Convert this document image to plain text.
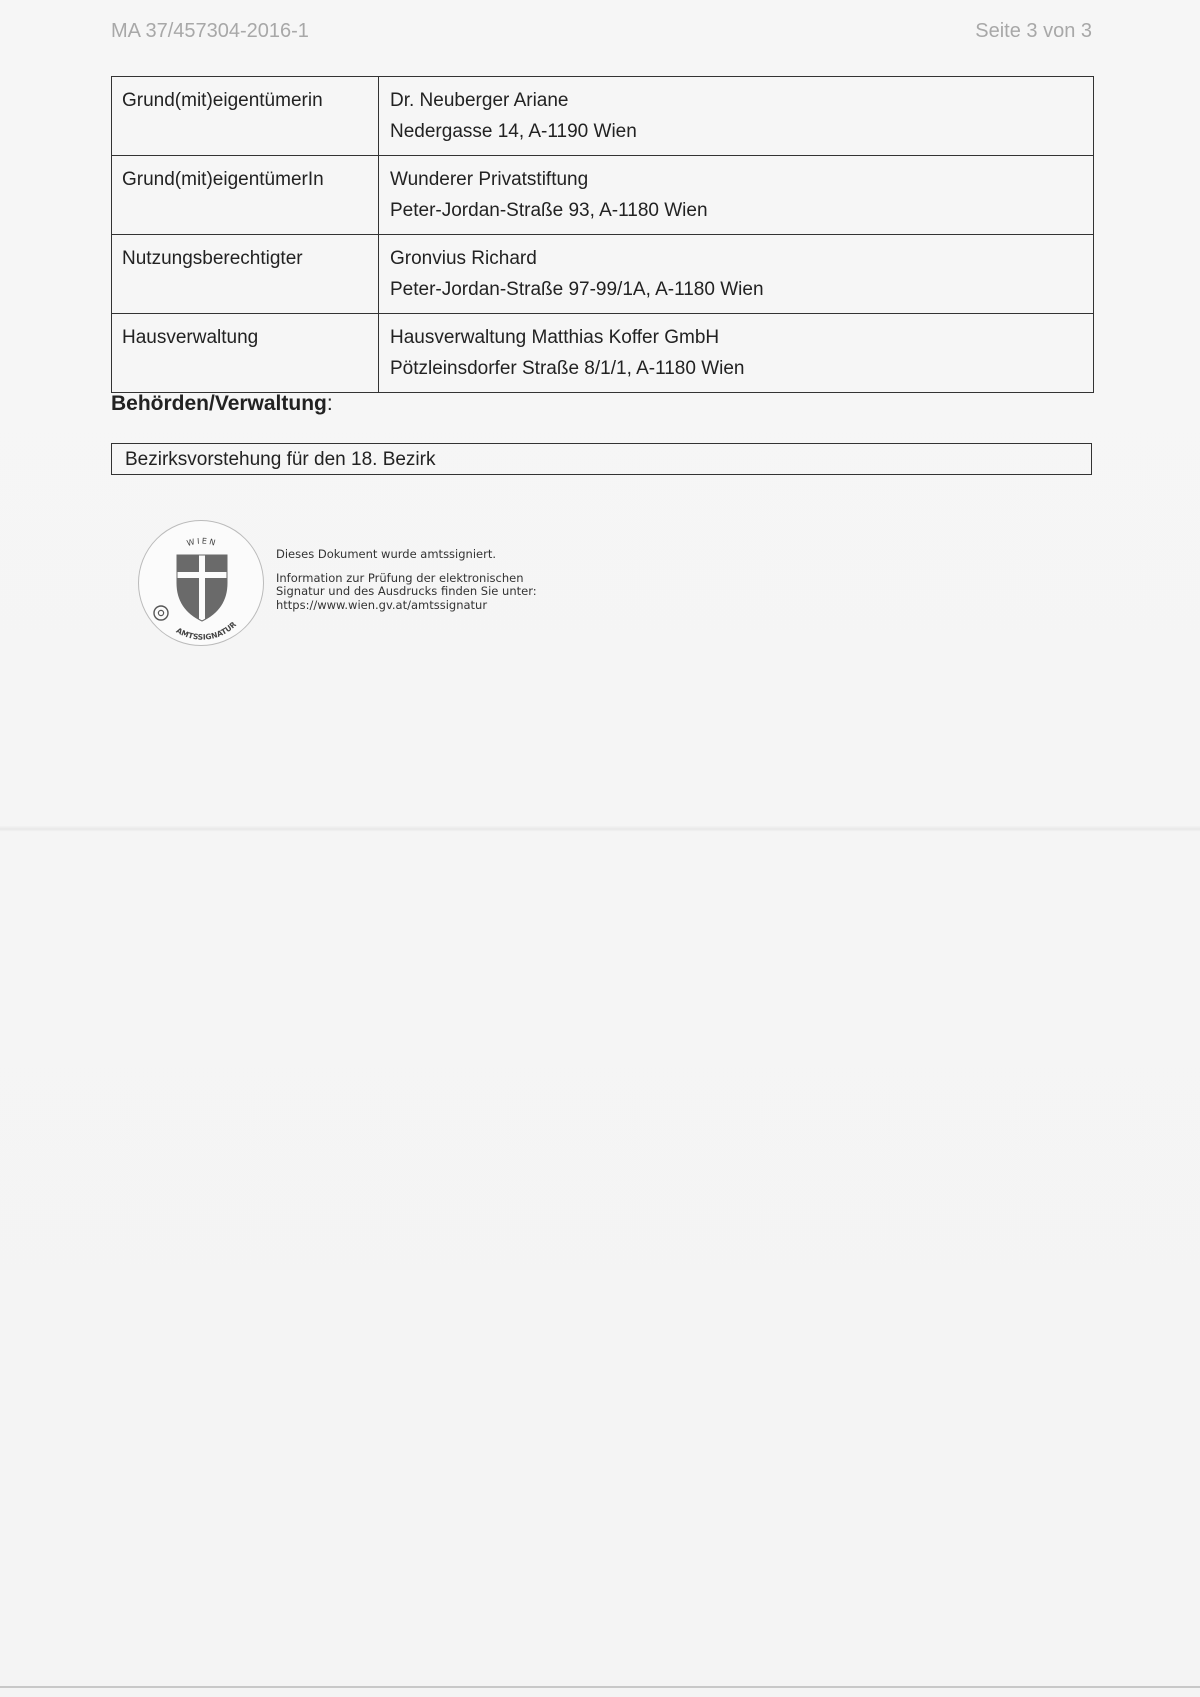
MA 37/457304-2016-1	Seite 3 von 3
Grund(mit)eigentümerin	Dr. Neuberger Ariane
Nedergasse 14, A-1190 Wien

Grund(mit)eigentümerIn	Wunderer Privatstiftung
Peter-Jordan-Straße 93, A-1180 Wien

Nutzungsberechtigter	Gronvius Richard
Peter-Jordan-Straße 97-99/1A, A-1180 Wien

Hausverwaltung	Hausverwaltung Matthias Koffer GmbH
Pötzleinsdorfer Straße 8/1/1, A-1180 Wien
Behörden/Verwaltung:
Bezirksvorstehung für den 18. Bezirk
WIEN
AMTSSIGNATUR
Dieses Dokument wurde amtssigniert.
Information zur Prüfung der elektronischen
Signatur und des Ausdrucks finden Sie unter:
https://www.wien.gv.at/amtssignatur
